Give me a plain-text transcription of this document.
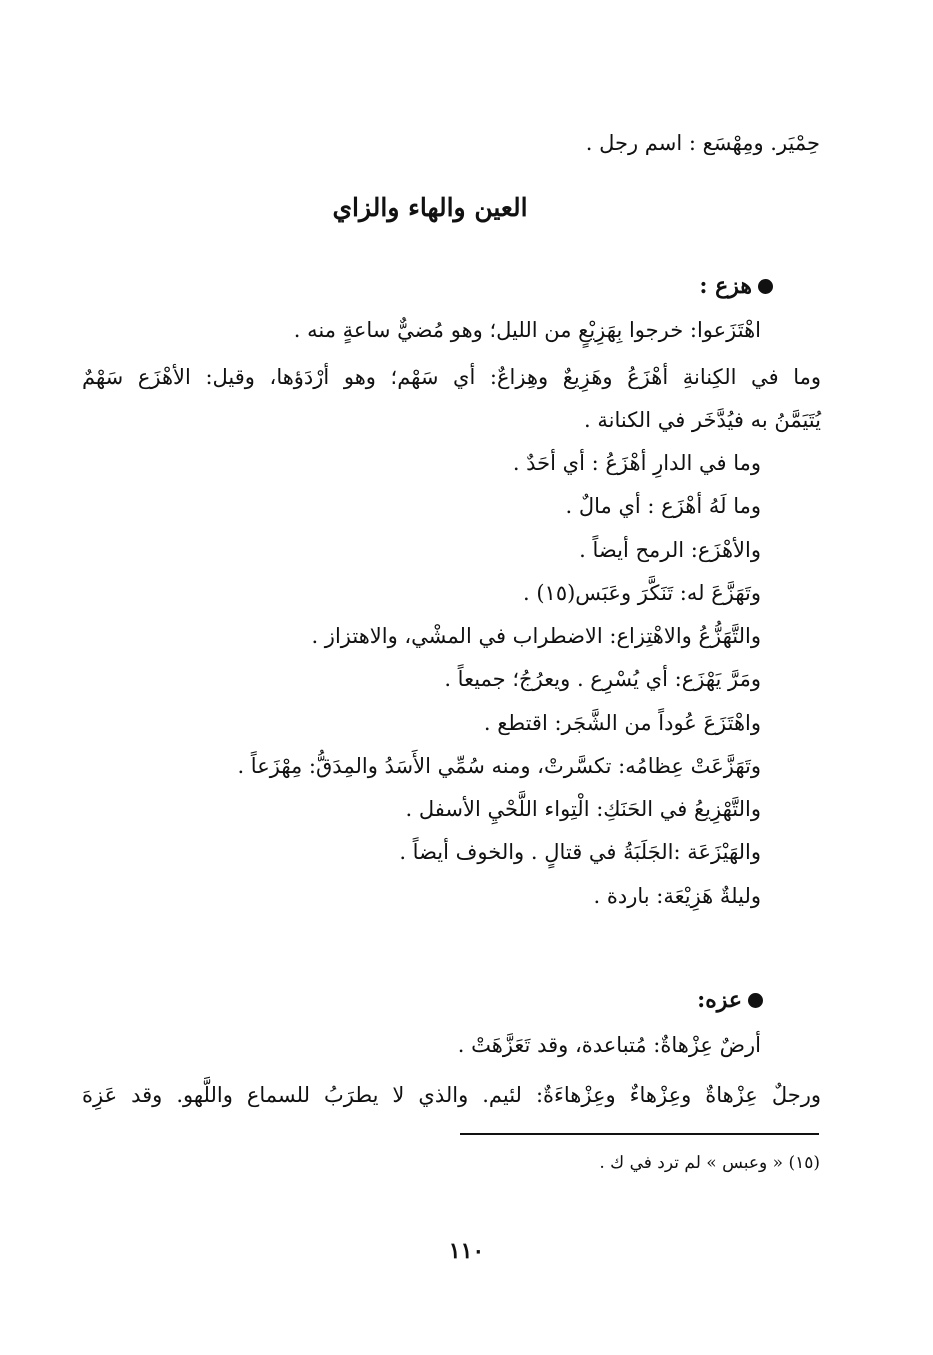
حِمْيَر. ومِهْسَع : اسم رجل .
العين والهاء والزاي
هزع :
اهْتَزَعوا: خرجوا بِهَزِيْعٍ من الليل؛ وهو مُضيٌّ ساعةٍ منه .
وما في الكِنانةِ أهْزَعُ وهَزِيعٌ وهِزاعٌ: أي سَهْم؛ وهو أرْدَؤها، وقيل: الأهْزَع سَهْمٌ
يُتَيَمَّنُ به فيُدَّخَر في الكنانة .
وما في الدارِ أهْزَعُ : أي أحَدٌ .
وما لَهُ أهْزَع : أي مالٌ .
والأهْزَع: الرمح أيضاً .
وتَهَزَّعَ له: تَنَكَّرَ وعَبَس(١٥) .
والتَّهَزُّعُ والاهْتِزاع: الاضطراب في المشْي، والاهتزاز .
ومَرَّ يَهْزَع: أي يُسْرِع . ويعرُجُ؛ جميعاً .
واهْتَزَعَ عُوداً من الشَّجَر: اقتطع .
وتَهَزَّعَتْ عِظامُه: تكسَّرتْ، ومنه سُمِّي الأَسَدُ والمِدَقُّ: مِهْزَعاً .
والتَّهْزِيعُ في الحَنَكِ: الْتِواء اللَّحْيِ الأسفل .
والهَيْزَعَة :الجَلَبَةُ في قتالٍ . والخوف أيضاً .
وليلةٌ هَزِيْعَة: باردة .
عزه:
أرضٌ عِزْهاةٌ: مُتباعدة، وقد تَعَزَّهَتْ .
ورجلٌ عِزْهاةٌ وعِزْهاءٌ وعِزْهاءَةٌ: لئيم. والذي لا يطرَبُ للسماع واللَّهو. وقد عَزِهَ
(١٥) « وعبس » لم ترد في ك .
١١٠
